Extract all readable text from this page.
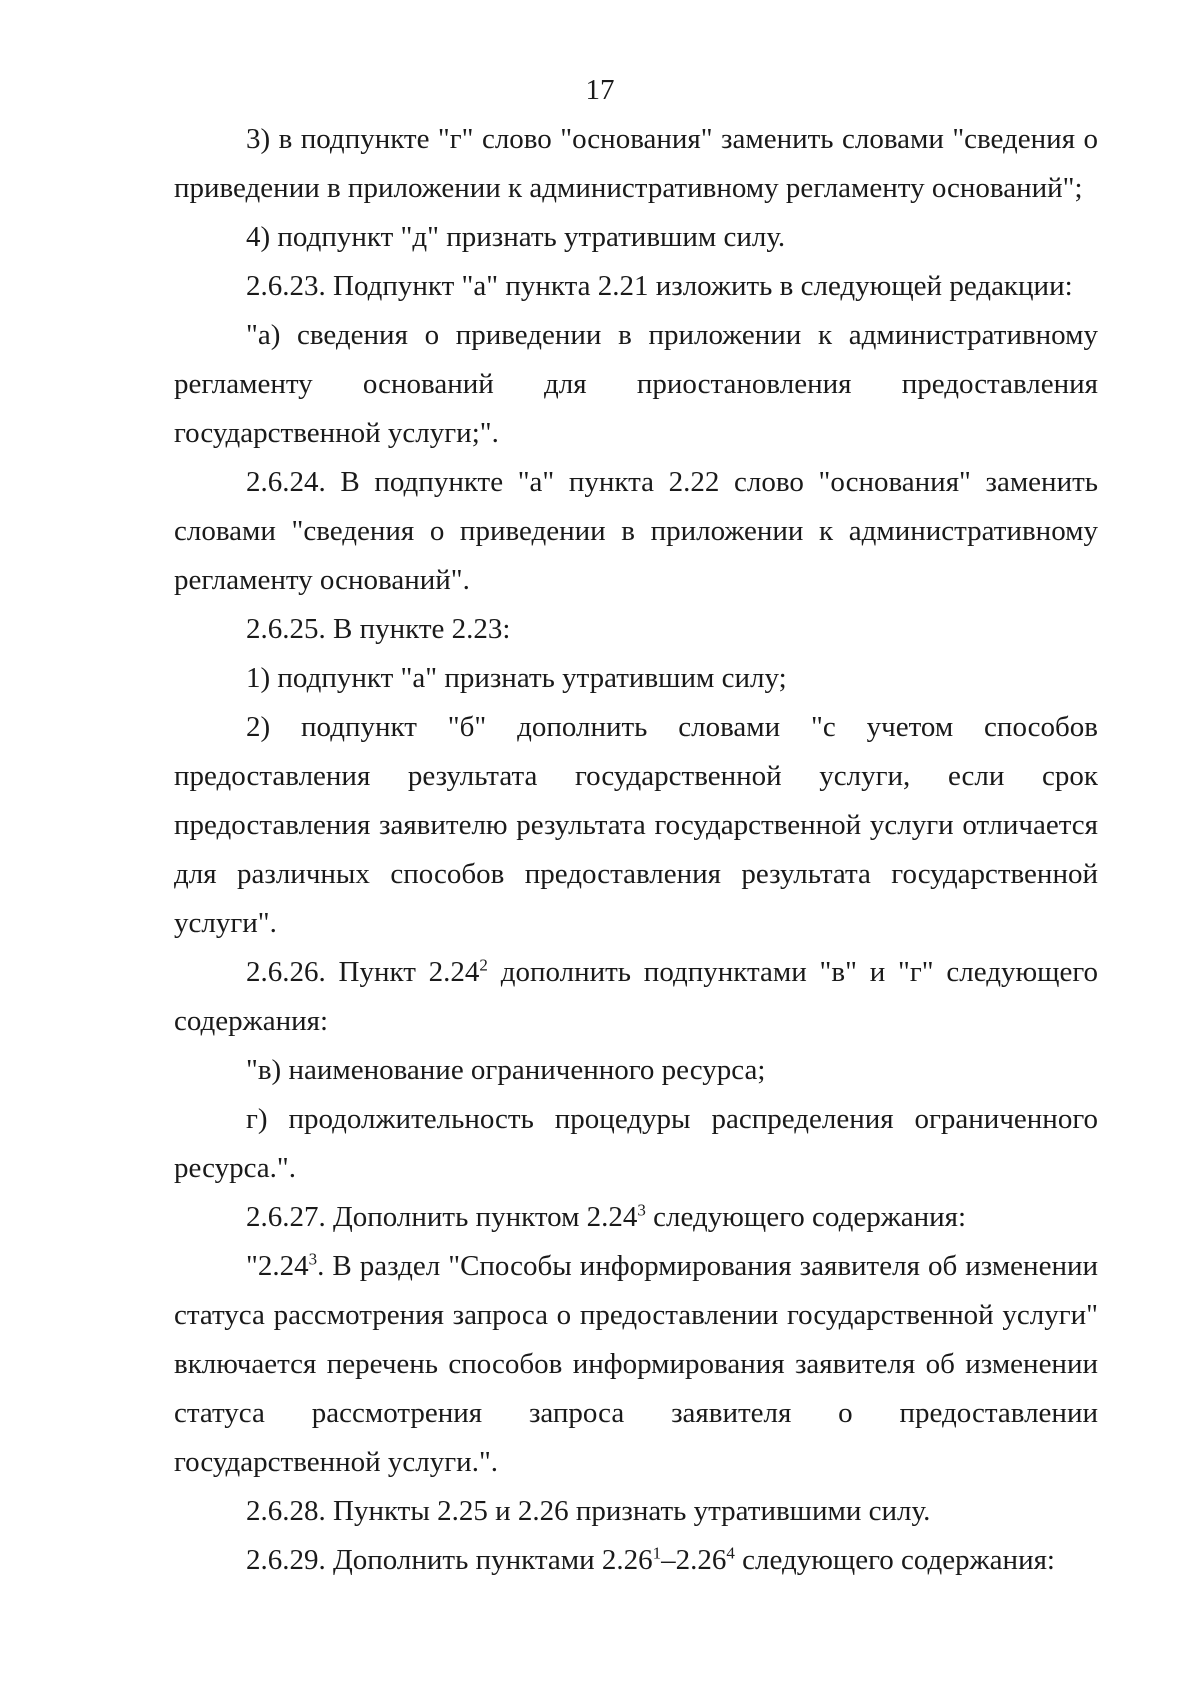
17

3) в подпункте "г" слово "основания" заменить словами "сведения о приведении в приложении к административному регламенту оснований";

4) подпункт "д" признать утратившим силу.

2.6.23. Подпункт "а" пункта 2.21 изложить в следующей редакции:

"а) сведения о приведении в приложении к административному регламенту оснований для приостановления предоставления государственной услуги;".

2.6.24. В подпункте "а" пункта 2.22 слово "основания" заменить словами "сведения о приведении в приложении к административному регламенту оснований".

2.6.25. В пункте 2.23:

1) подпункт "а" признать утратившим силу;

2) подпункт "б" дополнить словами "с учетом способов предоставления результата государственной услуги, если срок предоставления заявителю результата государственной услуги отличается для различных способов предоставления результата государственной услуги".

2.6.26. Пункт 2.24$^2$ дополнить подпунктами "в" и "г" следующего содержания:

"в) наименование ограниченного ресурса;

г) продолжительность процедуры распределения ограниченного ресурса.".

2.6.27. Дополнить пунктом 2.24$^3$ следующего содержания:

"2.24$^3$. В раздел "Способы информирования заявителя об изменении статуса рассмотрения запроса о предоставлении государственной услуги" включается перечень способов информирования заявителя об изменении статуса рассмотрения запроса заявителя о предоставлении государственной услуги.".

2.6.28. Пункты 2.25 и 2.26 признать утратившими силу.

2.6.29. Дополнить пунктами 2.26$^1$–2.26$^4$ следующего содержания:
